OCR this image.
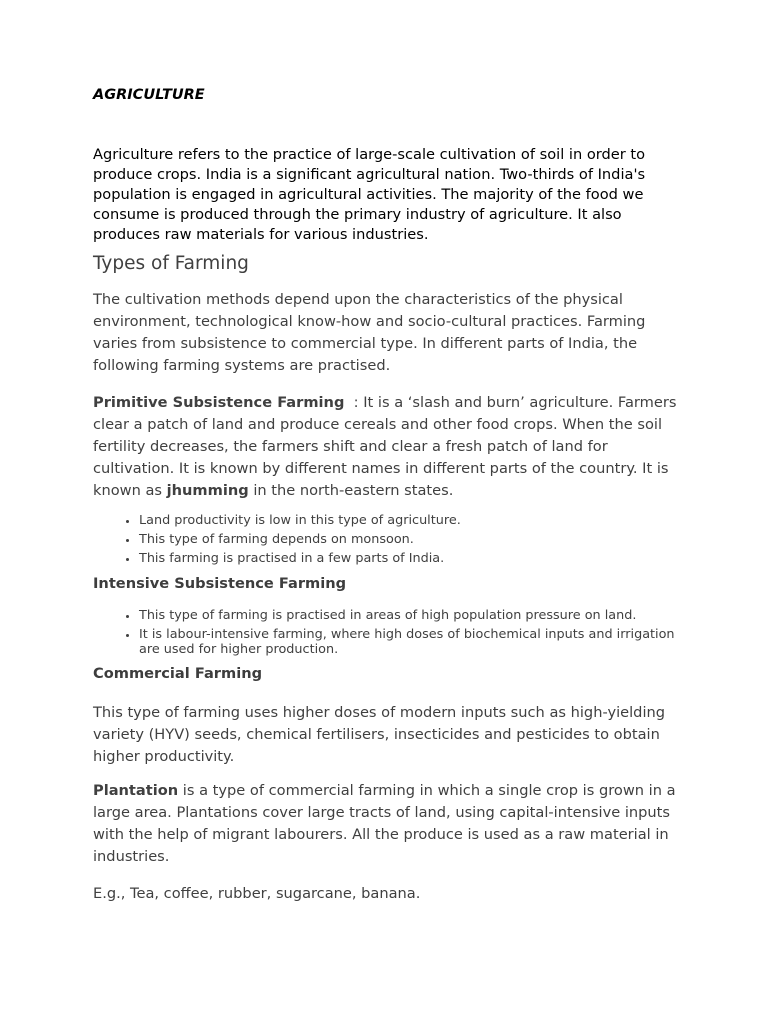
AGRICULTURE

Agriculture refers to the practice of large-scale cultivation of soil in order to produce crops. India is a significant agricultural nation. Two-thirds of India's population is engaged in agricultural activities. The majority of the food we consume is produced through the primary industry of agriculture. It also produces raw materials for various industries.

Types of Farming

The cultivation methods depend upon the characteristics of the physical environment, technological know-how and socio-cultural practices. Farming varies from subsistence to commercial type. In different parts of India, the following farming systems are practised.

Primitive Subsistence Farming  : It is a ‘slash and burn’ agriculture. Farmers clear a patch of land and produce cereals and other food crops. When the soil fertility decreases, the farmers shift and clear a fresh patch of land for cultivation. It is known by different names in different parts of the country. It is known as jhumming in the north-eastern states.

• Land productivity is low in this type of agriculture.
• This type of farming depends on monsoon.
• This farming is practised in a few parts of India.
Intensive Subsistence Farming
• This type of farming is practised in areas of high population pressure on land.
• It is labour-intensive farming, where high doses of biochemical inputs and irrigation are used for higher production.
Commercial Farming

This type of farming uses higher doses of modern inputs such as high-yielding variety (HYV) seeds, chemical fertilisers, insecticides and pesticides to obtain higher productivity.

Plantation is a type of commercial farming in which a single crop is grown in a large area. Plantations cover large tracts of land, using capital-intensive inputs with the help of migrant labourers. All the produce is used as a raw material in industries.

E.g., Tea, coffee, rubber, sugarcane, banana.
